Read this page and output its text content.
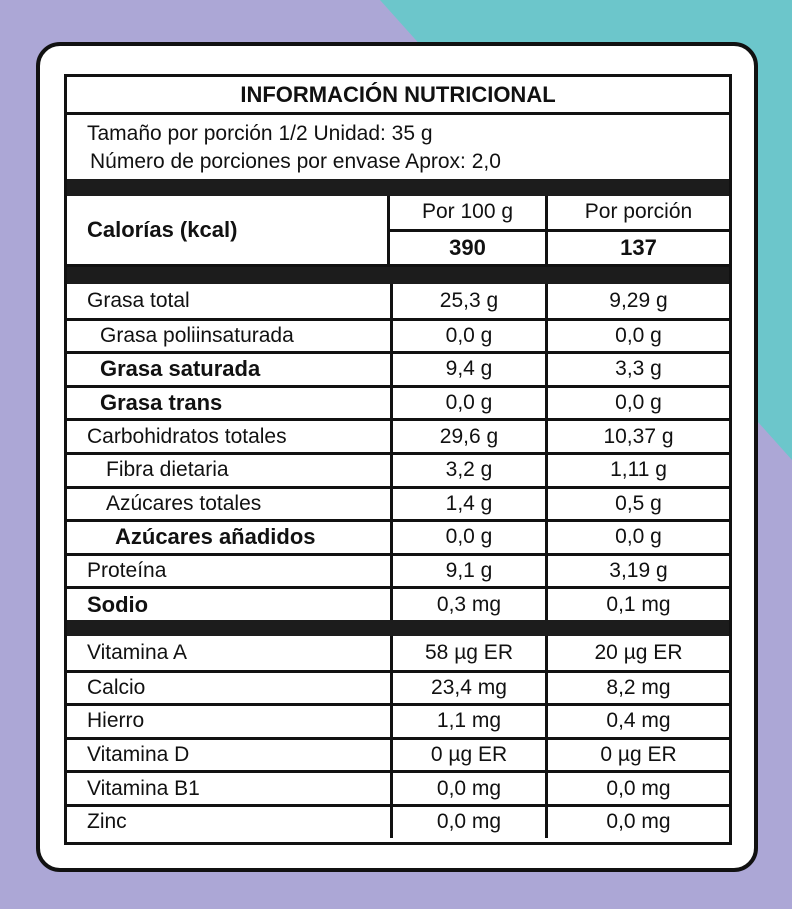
INFORMACIÓN NUTRICIONAL
Tamaño por porción 1/2 Unidad: 35 g
Número de porciones por envase Aprox: 2,0
Calorías (kcal)
Por 100 g	Por porción
390	137
Grasa total	25,3 g	9,29 g
Grasa poliinsaturada	0,0 g	0,0 g
Grasa saturada	9,4 g	3,3 g
Grasa trans	0,0 g	0,0 g
Carbohidratos totales	29,6 g	10,37 g
Fibra dietaria	3,2 g	1,11 g
Azúcares totales	1,4 g	0,5 g
Azúcares añadidos	0,0 g	0,0 g
Proteína	9,1 g	3,19 g
Sodio	0,3 mg	0,1 mg
Vitamina A	58 µg ER	20 µg ER
Calcio	23,4 mg	8,2 mg
Hierro	1,1 mg	0,4 mg
Vitamina D	0 µg ER	0 µg ER
Vitamina B1	0,0 mg	0,0 mg
Zinc	0,0 mg	0,0 mg
